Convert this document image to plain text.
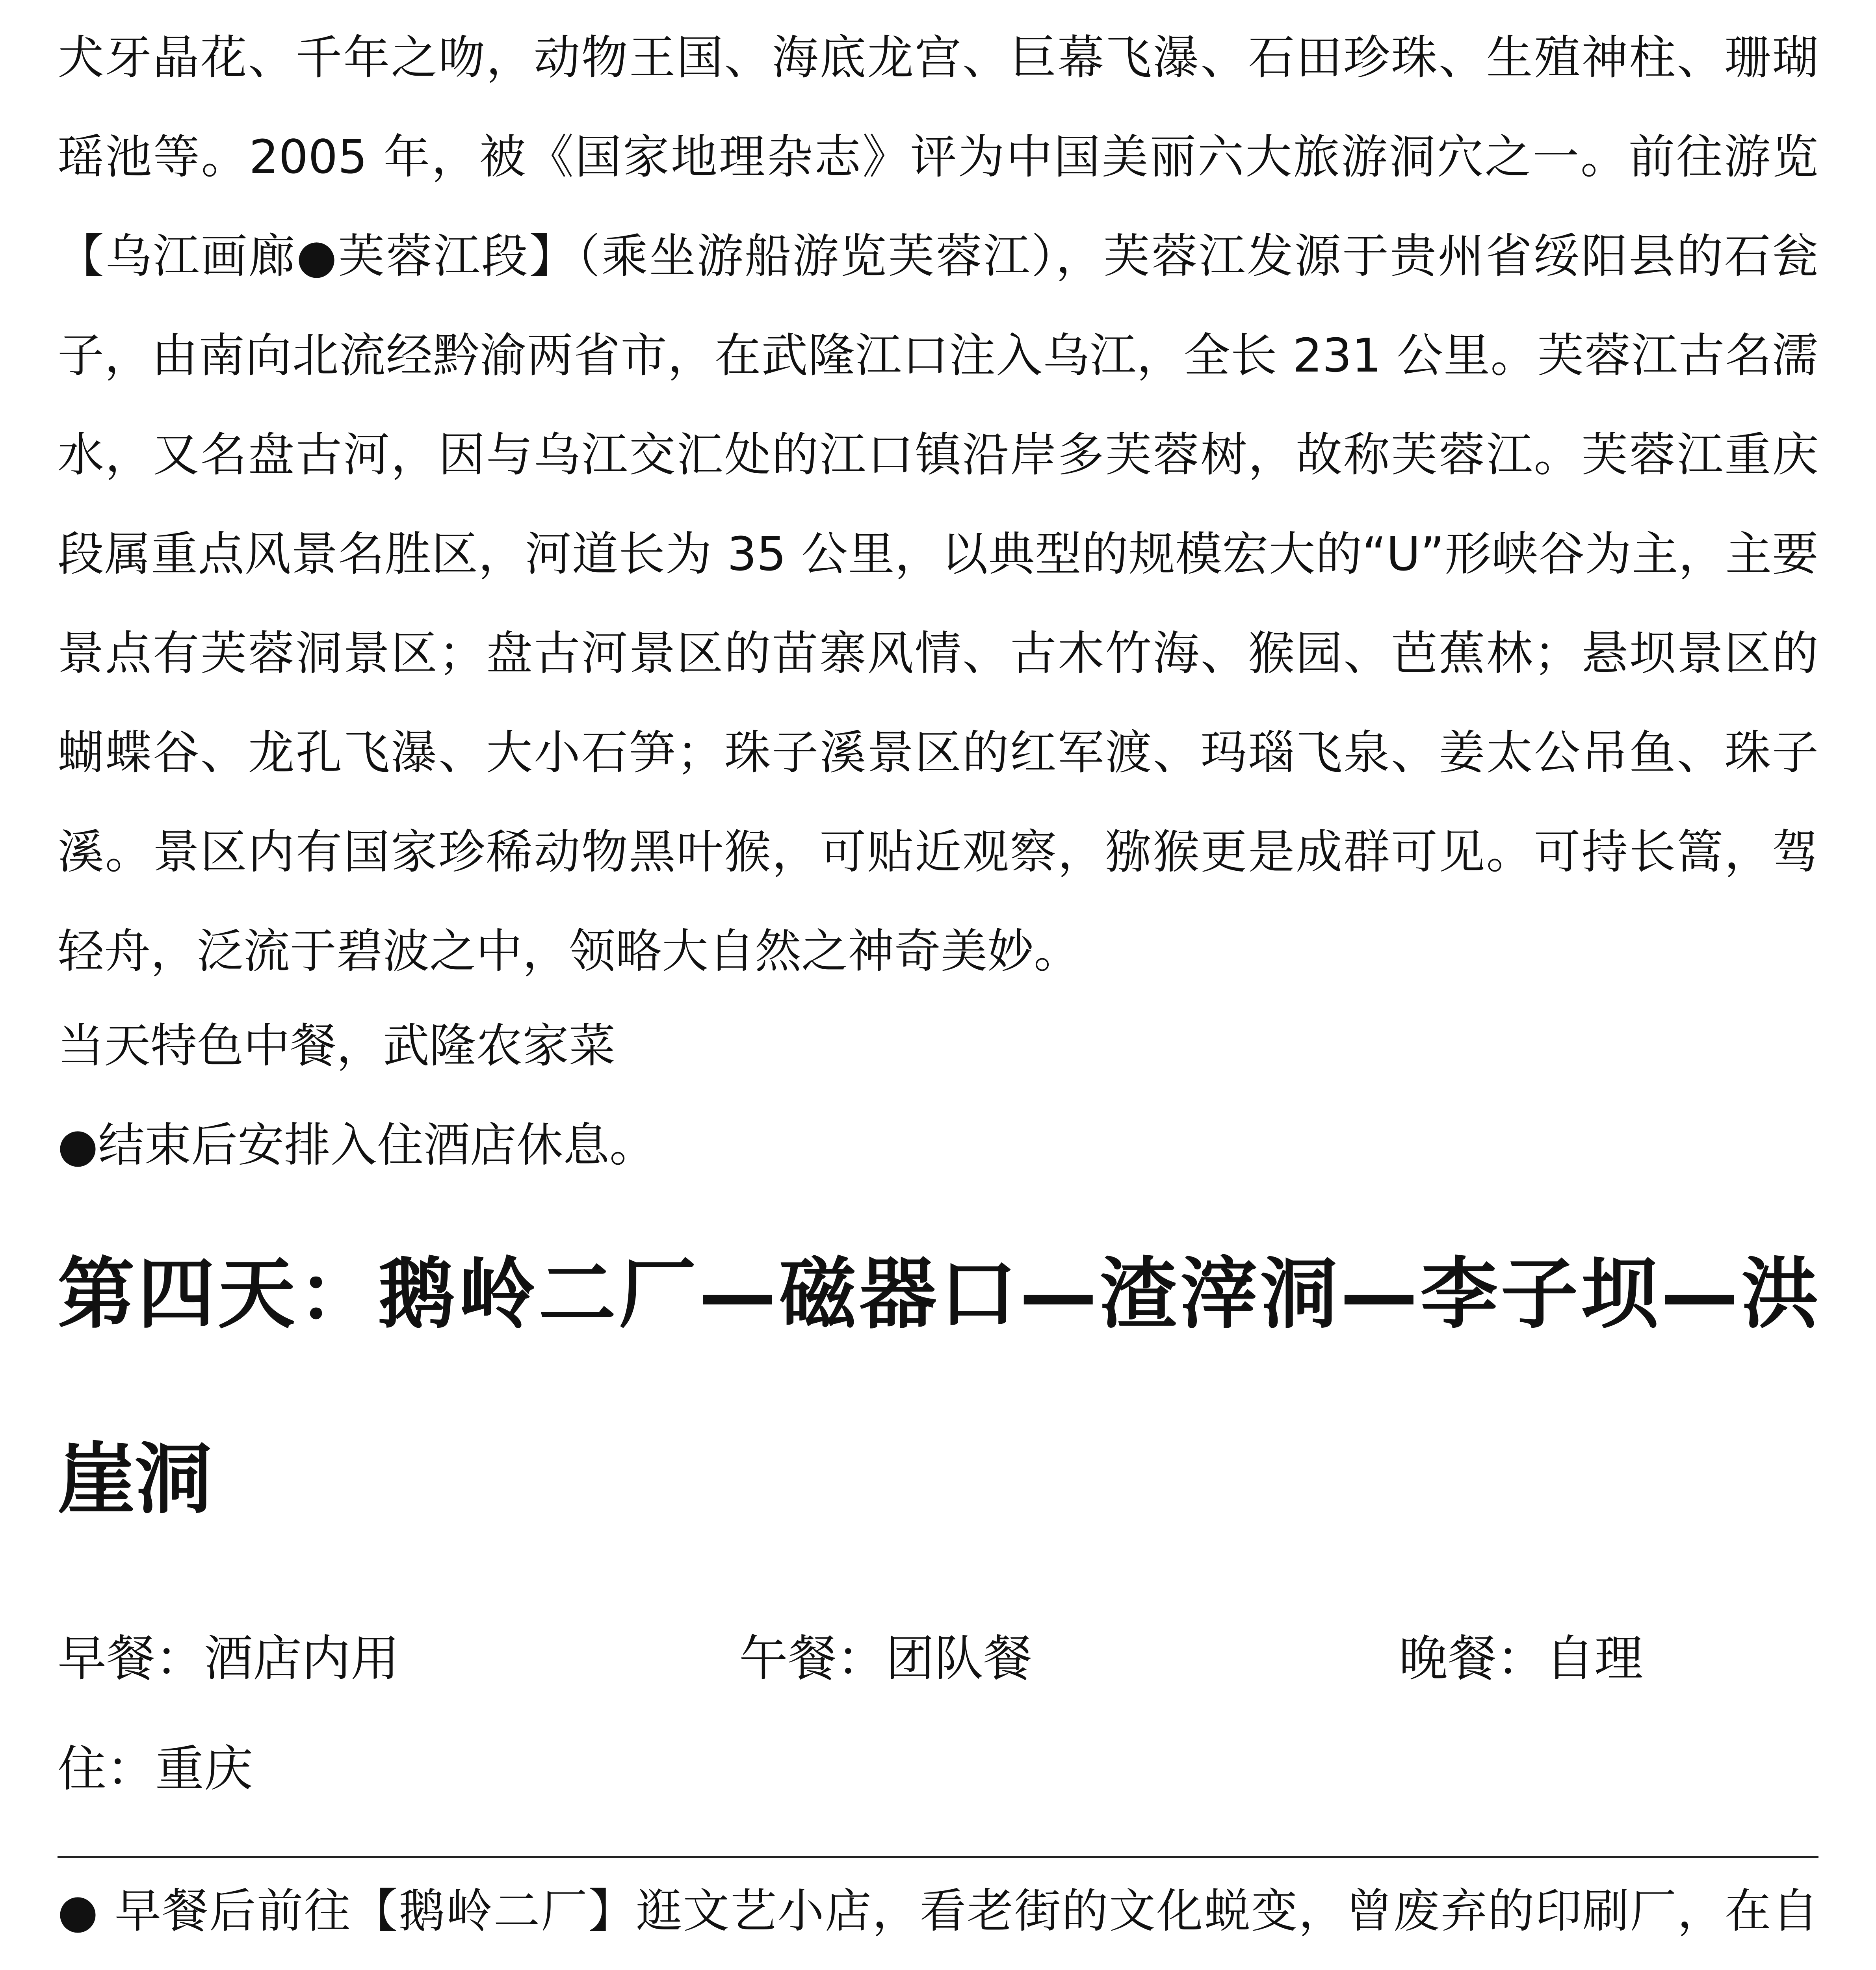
犬牙晶花、千年之吻，动物王国、海底龙宫、巨幕飞瀑、石田珍珠、生殖神柱、珊瑚瑶池等。2005 年，被《国家地理杂志》评为中国美丽六大旅游洞穴之一。前往游览【乌江画廊●芙蓉江段】（乘坐游船游览芙蓉江），芙蓉江发源于贵州省绥阳县的石瓮子，由南向北流经黔渝两省市，在武隆江口注入乌江，全长 231 公里。芙蓉江古名濡水，又名盘古河，因与乌江交汇处的江口镇沿岸多芙蓉树，故称芙蓉江。芙蓉江重庆段属重点风景名胜区，河道长为 35 公里，以典型的规模宏大的“U”形峡谷为主，主要景点有芙蓉洞景区；盘古河景区的苗寨风情、古木竹海、猴园、芭蕉林；悬坝景区的蝴蝶谷、龙孔飞瀑、大小石笋；珠子溪景区的红军渡、玛瑙飞泉、姜太公吊鱼、珠子溪。景区内有国家珍稀动物黑叶猴，可贴近观察，猕猴更是成群可见。可持长篙，驾轻舟，泛流于碧波之中，领略大自然之神奇美妙。

当天特色中餐，武隆农家菜

●结束后安排入住酒店休息。

第四天：鹅岭二厂—磁器口—渣滓洞—李子坝—洪崖洞
早餐：酒店内用	午餐：团队餐	晚餐：自理

住：重庆

● 早餐后前往【鹅岭二厂】逛文艺小店，看老街的文化蜕变，曾废弃的印刷厂，在自
